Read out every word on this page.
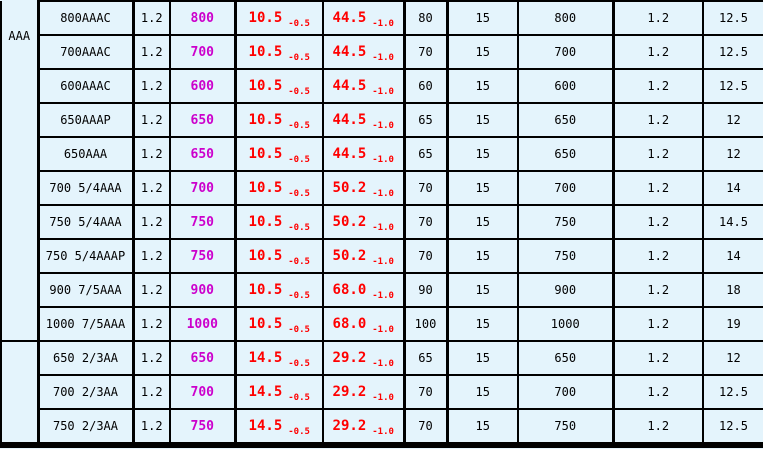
AAA	800AAAC	1.2	800	10.5 -0.5	44.5 -1.0	80	15	800	1.2	12.5
	700AAAC	1.2	700	10.5 -0.5	44.5 -1.0	70	15	700	1.2	12.5
	600AAAC	1.2	600	10.5 -0.5	44.5 -1.0	60	15	600	1.2	12.5
	650AAAP	1.2	650	10.5 -0.5	44.5 -1.0	65	15	650	1.2	12
	650AAA	1.2	650	10.5 -0.5	44.5 -1.0	65	15	650	1.2	12
	700 5/4AAA	1.2	700	10.5 -0.5	50.2 -1.0	70	15	700	1.2	14
	750 5/4AAA	1.2	750	10.5 -0.5	50.2 -1.0	70	15	750	1.2	14.5
	750 5/4AAAP	1.2	750	10.5 -0.5	50.2 -1.0	70	15	750	1.2	14
	900 7/5AAA	1.2	900	10.5 -0.5	68.0 -1.0	90	15	900	1.2	18
	1000 7/5AAA	1.2	1000	10.5 -0.5	68.0 -1.0	100	15	1000	1.2	19
	650 2/3AA	1.2	650	14.5 -0.5	29.2 -1.0	65	15	650	1.2	12
	700 2/3AA	1.2	700	14.5 -0.5	29.2 -1.0	70	15	700	1.2	12.5
	750 2/3AA	1.2	750	14.5 -0.5	29.2 -1.0	70	15	750	1.2	12.5
